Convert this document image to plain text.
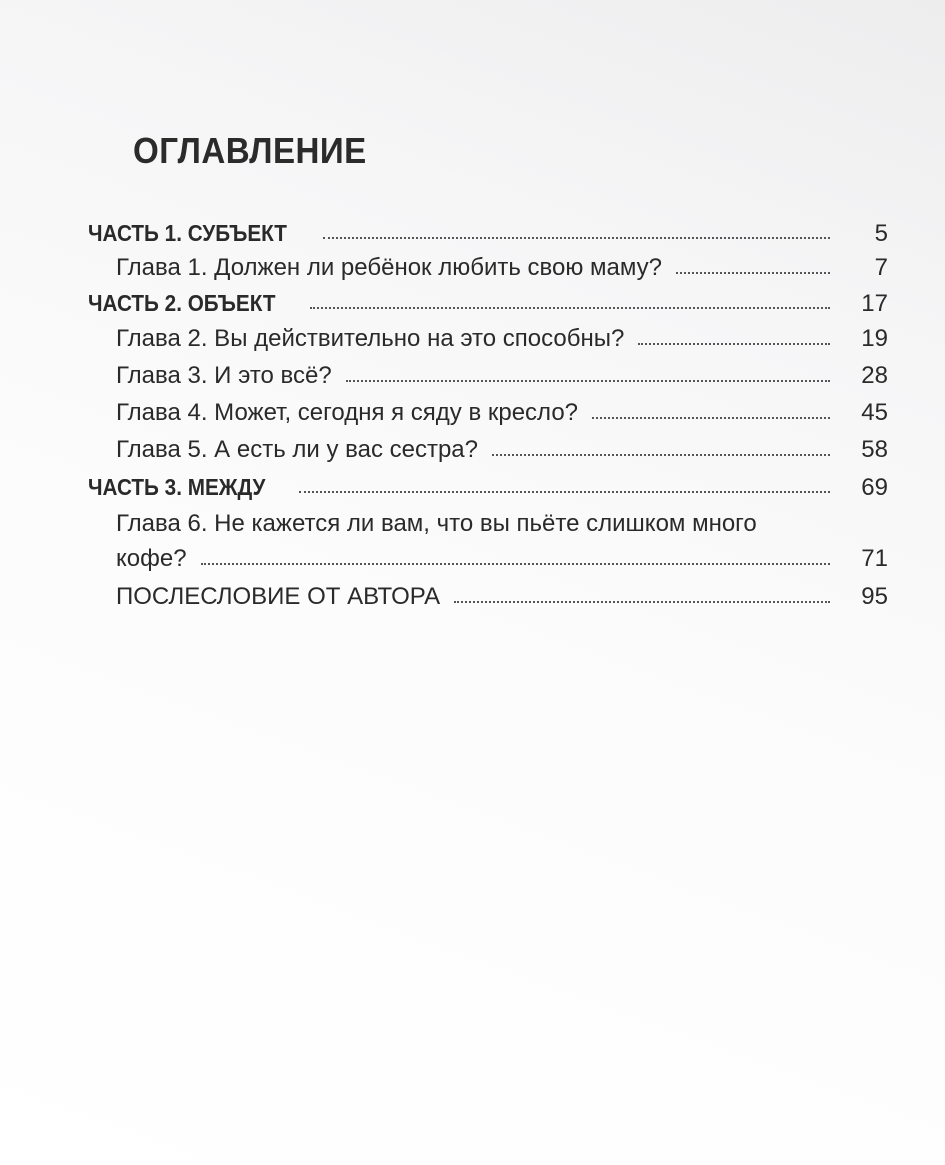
ОГЛАВЛЕНИЕ
ЧАСТЬ 1. СУБЪЕКТ	5
Глава 1. Должен ли ребёнок любить свою маму?	7
ЧАСТЬ 2. ОБЪЕКТ	17
Глава 2. Вы действительно на это способны?	19
Глава 3. И это всё?	28
Глава 4. Может, сегодня я сяду в кресло?	45
Глава 5. А есть ли у вас сестра?	58
ЧАСТЬ 3. МЕЖДУ	69
Глава 6. Не кажется ли вам, что вы пьёте слишком много
кофе?	71
ПОСЛЕСЛОВИЕ ОТ АВТОРА	95
